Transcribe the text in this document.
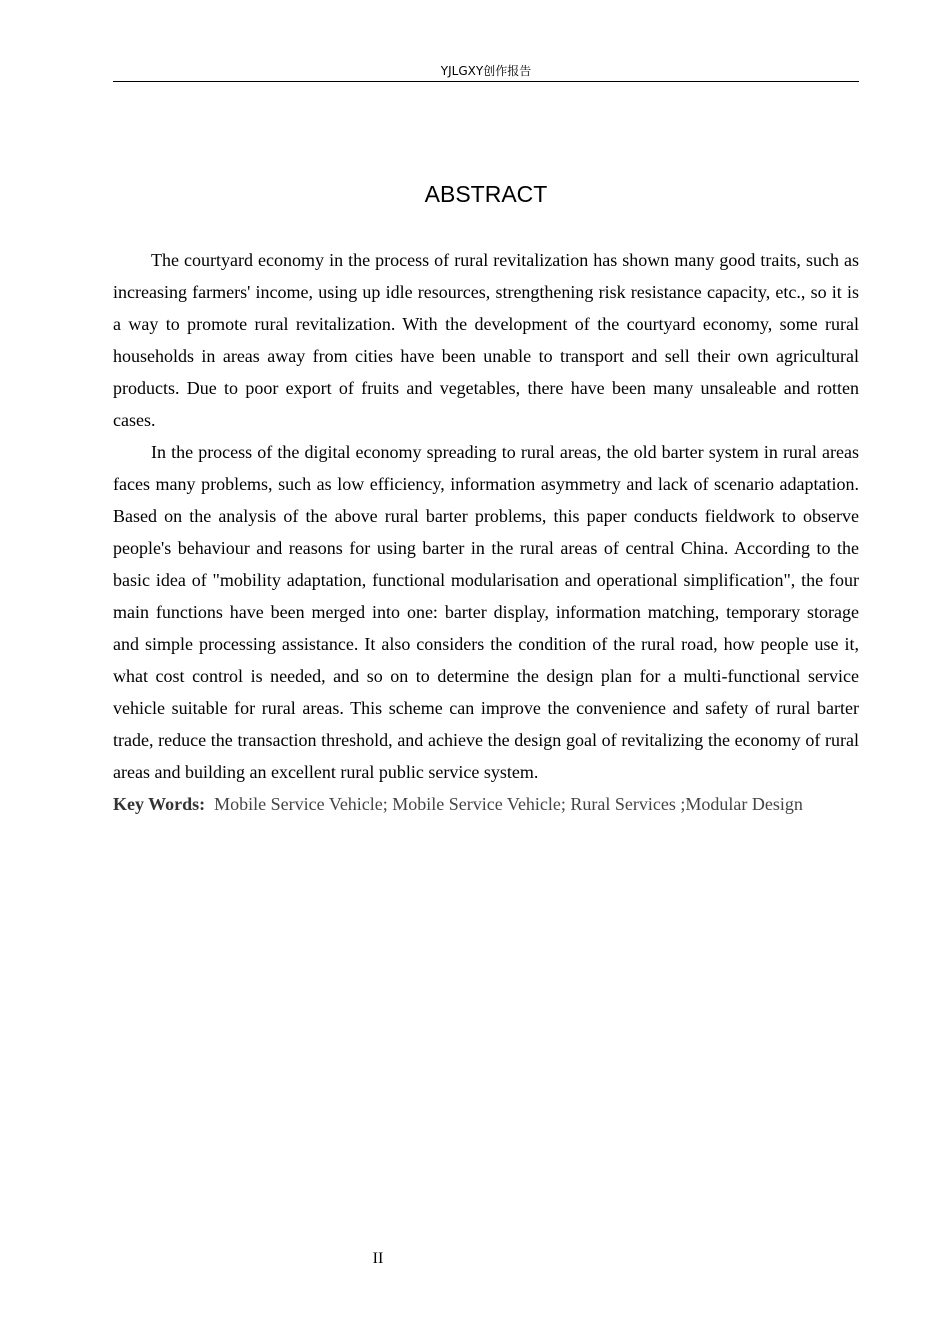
YJLGXY创作报告
ABSTRACT

The courtyard economy in the process of rural revitalization has shown many good traits, such as increasing farmers' income, using up idle resources, strengthening risk resistance capacity, etc., so it is a way to promote rural revitalization. With the development of the courtyard economy, some rural households in areas away from cities have been unable to transport and sell their own agricultural products. Due to poor export of fruits and vegetables, there have been many unsaleable and rotten cases.

In the process of the digital economy spreading to rural areas, the old barter system in rural areas faces many problems, such as low efficiency, information asymmetry and lack of scenario adaptation. Based on the analysis of the above rural barter problems, this paper conducts fieldwork to observe people's behaviour and reasons for using barter in the rural areas of central China. According to the basic idea of "mobility adaptation, functional modularisation and operational simplification", the four main functions have been merged into one: barter display, information matching, temporary storage and simple processing assistance. It also considers the condition of the rural road, how people use it, what cost control is needed, and so on to determine the design plan for a multi-functional service vehicle suitable for rural areas. This scheme can improve the convenience and safety of rural barter trade, reduce the transaction threshold, and achieve the design goal of revitalizing the economy of rural areas and building an excellent rural public service system.

Key Words: Mobile Service Vehicle; Mobile Service Vehicle; Rural Services ;Modular Design
II
